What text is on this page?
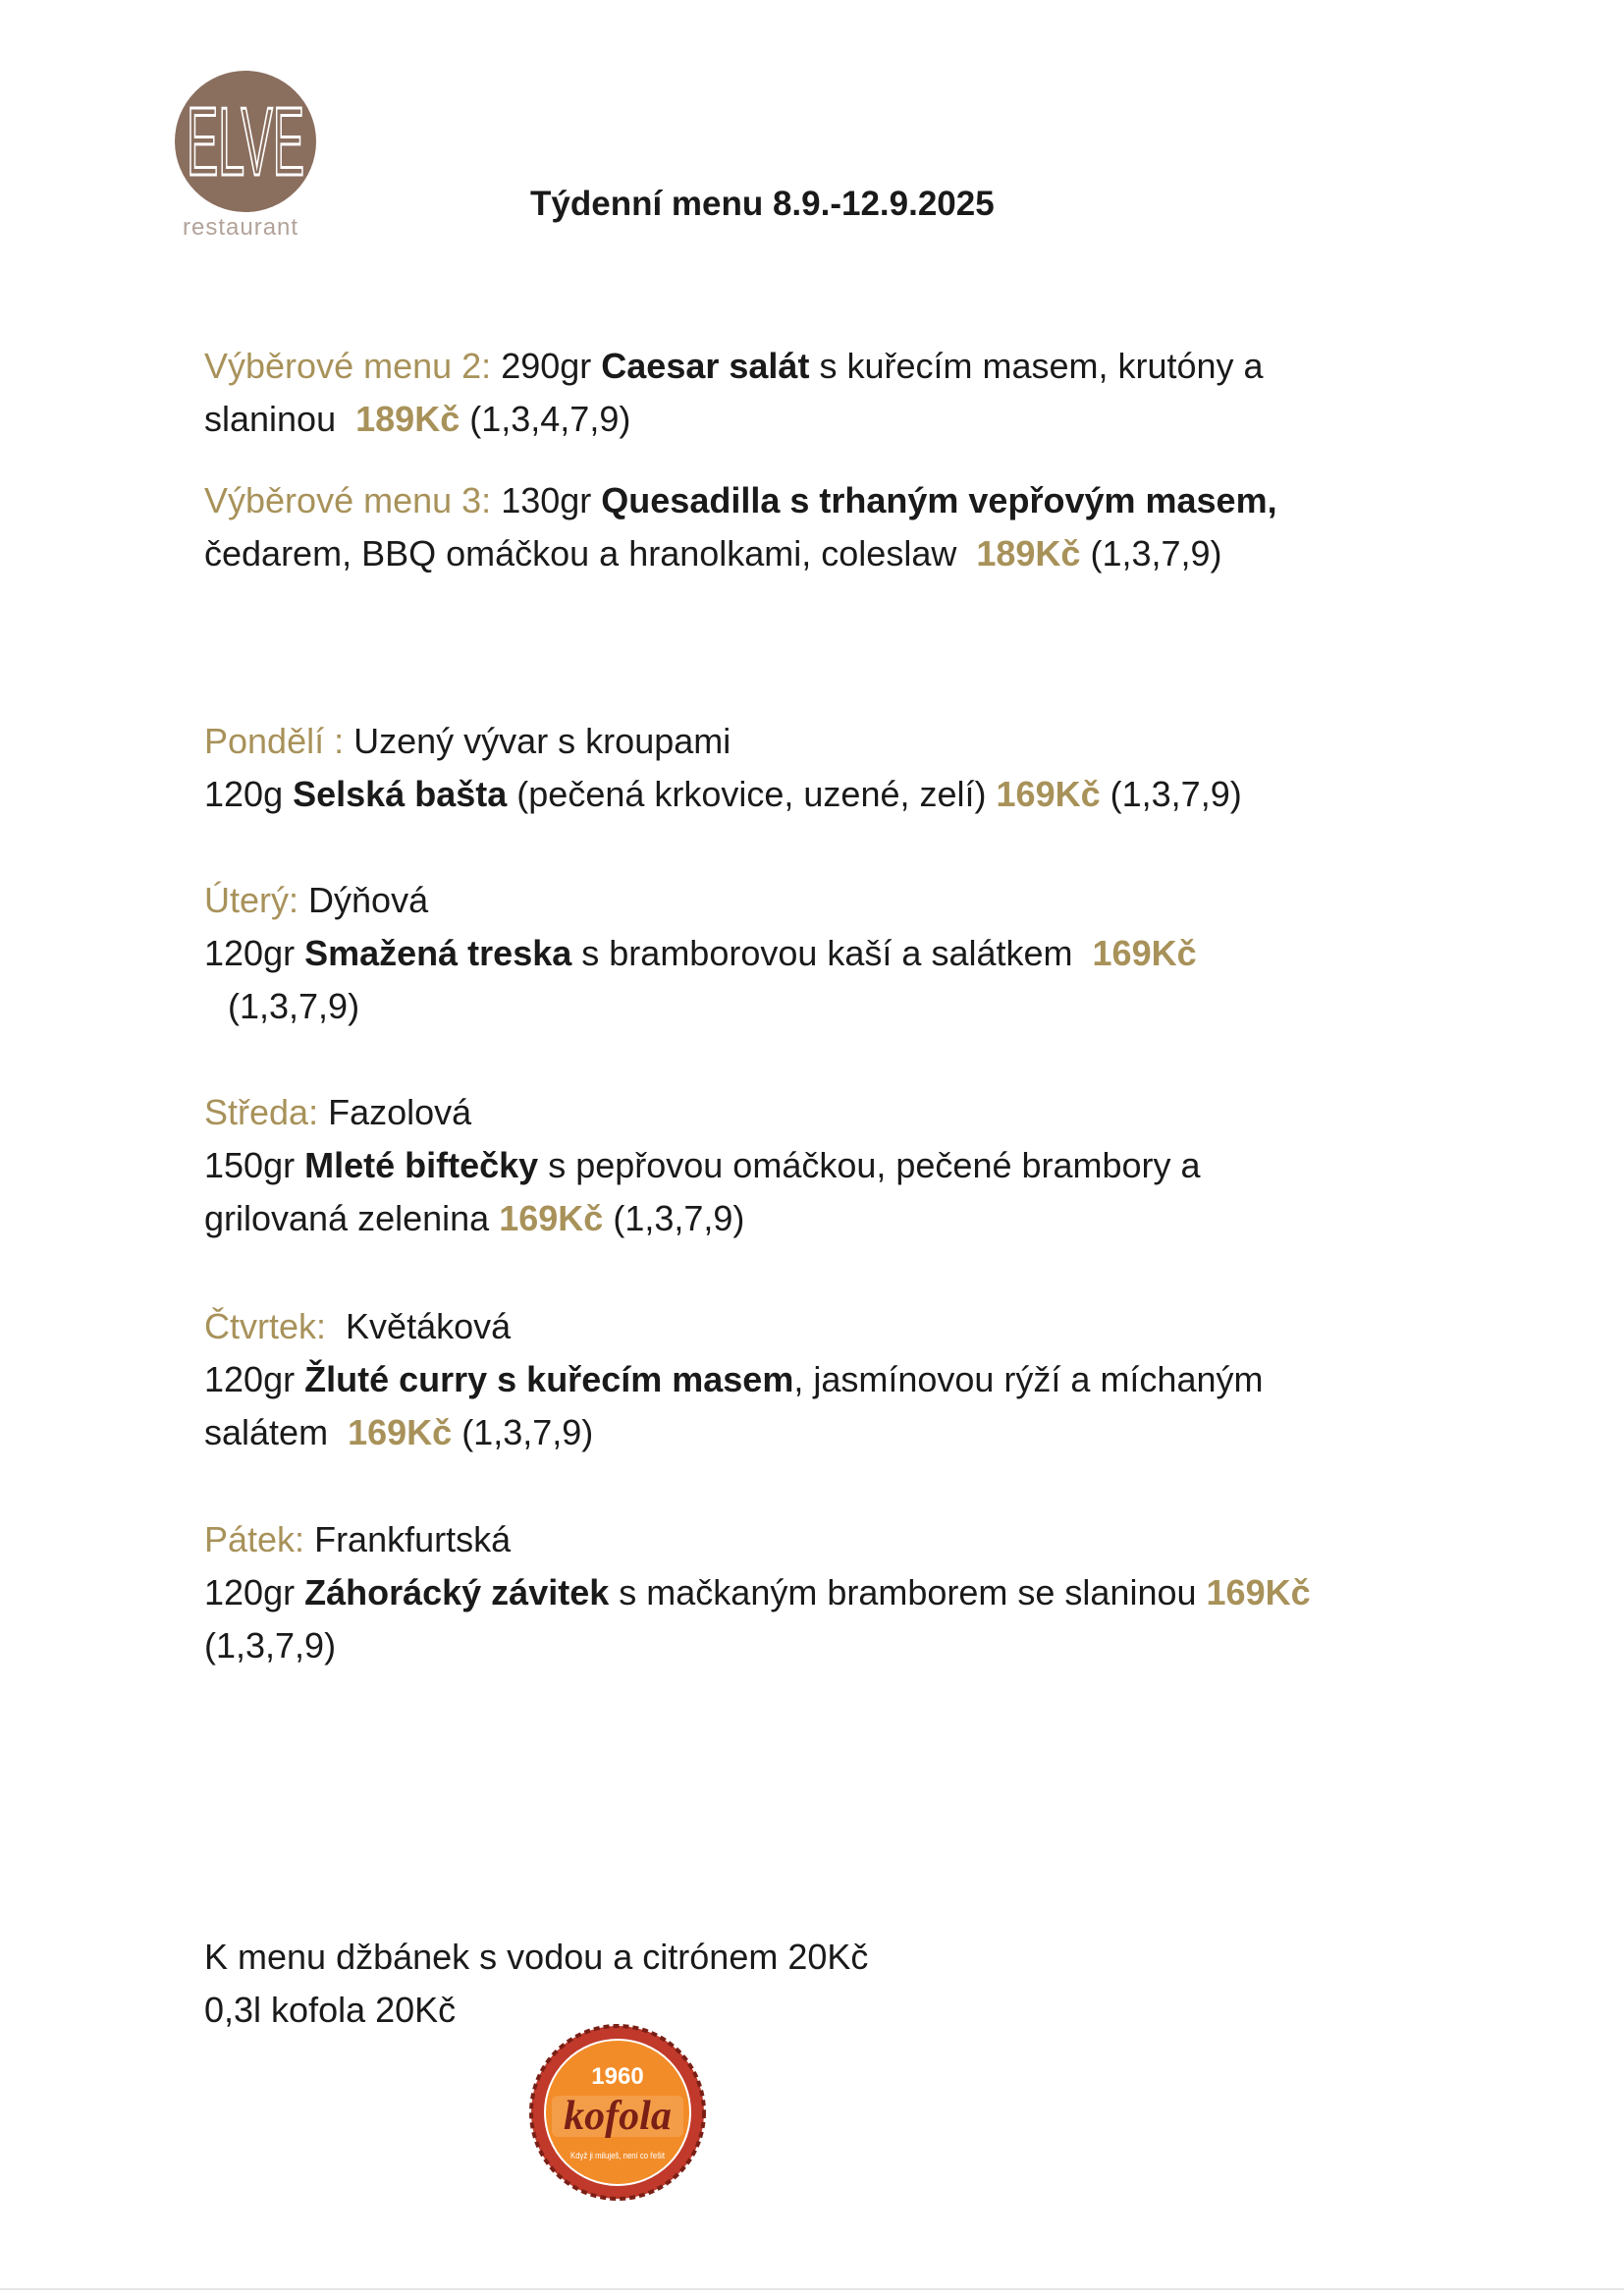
ELVE
restaurant
Týdenní menu 8.9.-12.9.2025
Výběrové menu 2: 290gr Caesar salát s kuřecím masem, krutóny a
slaninou 189Kč (1,3,4,7,9)
Výběrové menu 3: 130gr Quesadilla s trhaným vepřovým masem,
čedarem, BBQ omáčkou a hranolkami, coleslaw 189Kč (1,3,7,9)
Pondělí : Uzený vývar s kroupami
120g Selská bašta (pečená krkovice, uzené, zelí) 169Kč (1,3,7,9)
Úterý: Dýňová
120gr Smažená treska s bramborovou kaší a salátkem 169Kč
(1,3,7,9)
Středa: Fazolová
150gr Mleté biftečky s pepřovou omáčkou, pečené brambory a
grilovaná zelenina 169Kč (1,3,7,9)
Čtvrtek: Květáková
120gr Žluté curry s kuřecím masem, jasmínovou rýží a míchaným
salátem 169Kč (1,3,7,9)
Pátek: Frankfurtská
120gr Záhorácký závitek s mačkaným bramborem se slaninou 169Kč
(1,3,7,9)
K menu džbánek s vodou a citrónem 20Kč
0,3l kofola 20Kč
1960
kofola
Když ji miluješ, není co řešit
